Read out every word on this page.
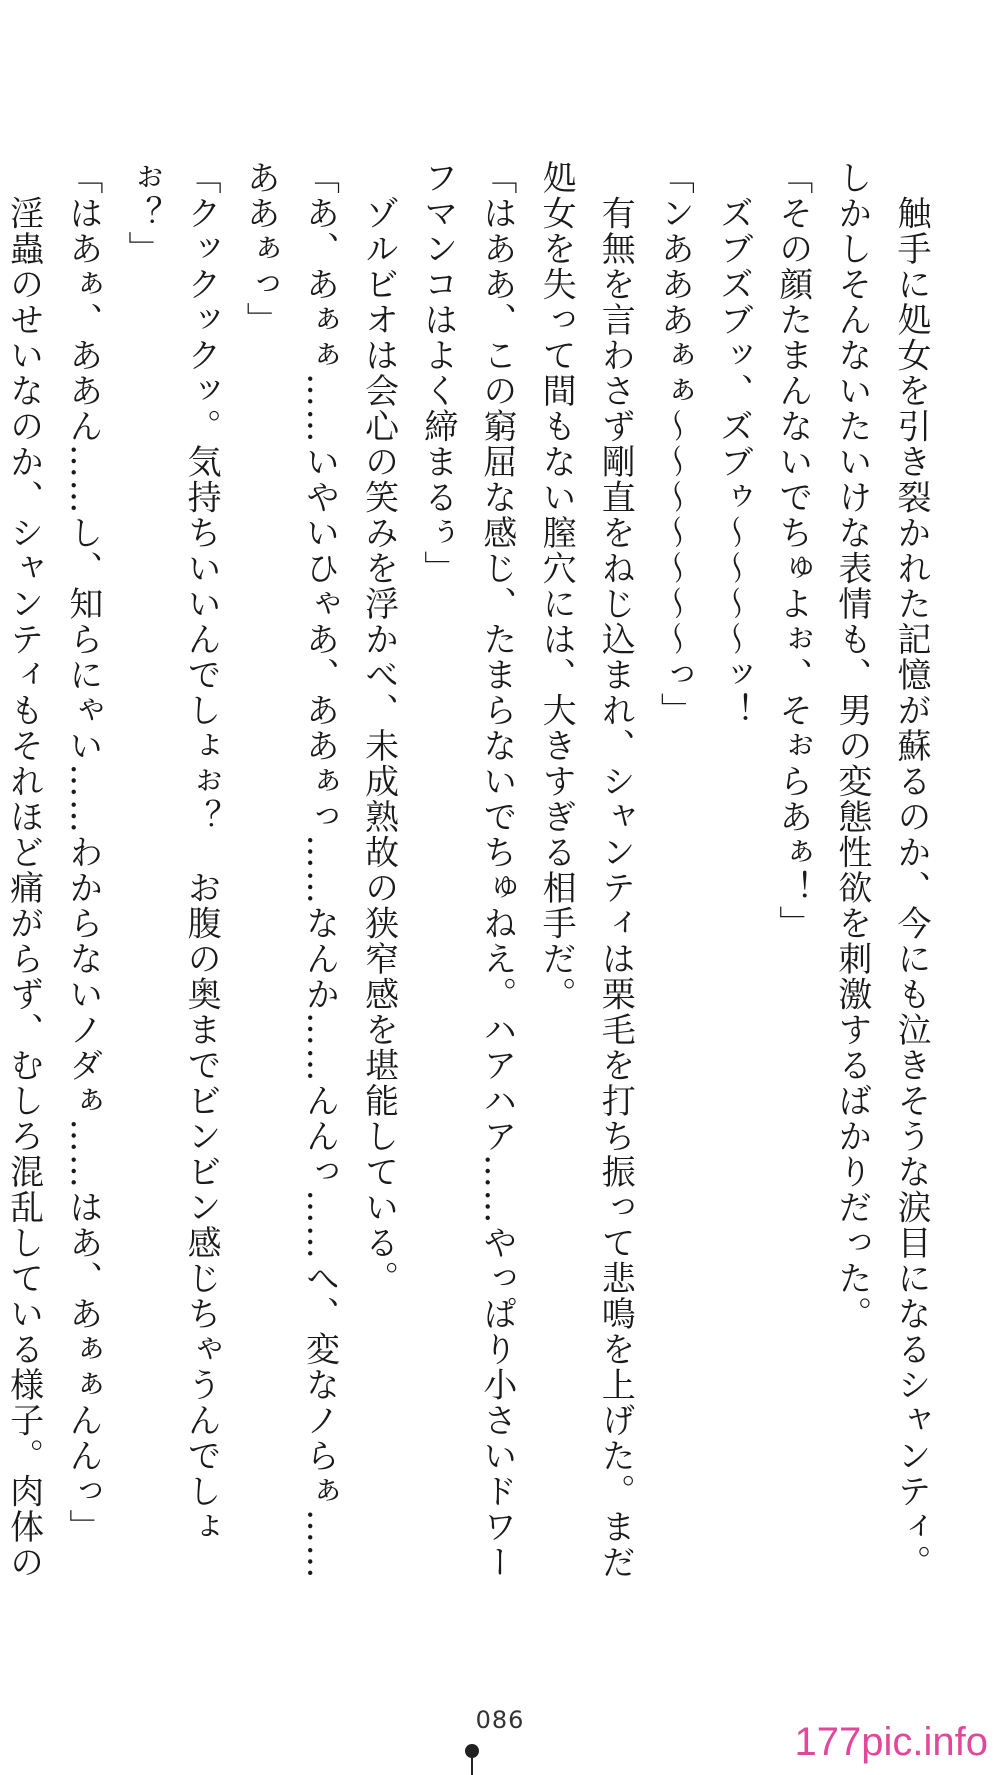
　触手に処女を引き裂かれた記憶が蘇るのか、今にも泣きそうな涙目になるシャンティ。
しかしそんないたいけな表情も、男の変態性欲を刺激するばかりだった。
「その顔たまんないでちゅよぉ、そぉらあぁ！」
　ズブズブッ、ズブゥ～～～～ッ！
「ンあああぁぁ～～～～～～～っ」
　有無を言わさず剛直をねじ込まれ、シャンティは栗毛を打ち振って悲鳴を上げた。まだ
処女を失って間もない膣穴には、大きすぎる相手だ。
「はああ、この窮屈な感じ、たまらないでちゅねえ。ハアハア……やっぱり小さいドワー
フマンコはよく締まるぅ」
　ゾルビオは会心の笑みを浮かべ、未成熟故の狭窄感を堪能している。
「あ、あぁぁ……いやいひゃあ、ああぁっ……なんか……んんっ……へ、変なノらぁ……
ああぁっ」
「クックックッ。気持ちいいんでしょぉ？　お腹の奥までビンビン感じちゃうんでしょ
ぉ？」
「はあぁ、ああん……し、知らにゃい……わからないノダぁ……はあ、あぁぁんんっ」
　淫蟲のせいなのか、シャンティもそれほど痛がらず、むしろ混乱している様子。肉体の
086	177pic.info
